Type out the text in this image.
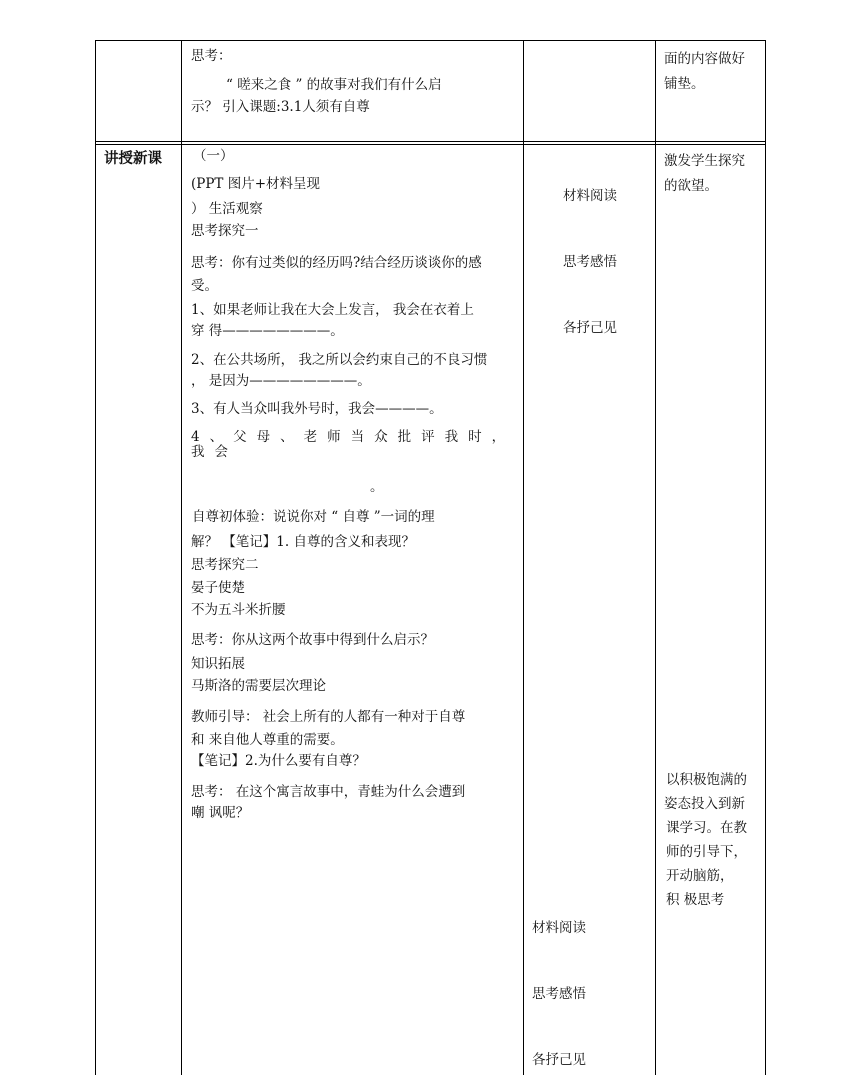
思考：
“ 嗟来之食 ” 的故事对我们有什么启
示？ 引入课题:3.1人须有自尊
面的内容做好
铺垫。
讲授新课 （一）
(PPT 图片+材料呈现
） 生活观察
思考探究一
思考：你有过类似的经历吗?结合经历谈谈你的感
受。
1、如果老师让我在大会上发言， 我会在衣着上
穿 得————————。
2、在公共场所， 我之所以会约束自己的不良习惯
， 是因为————————。
3、有人当众叫我外号时，我会————。
4、父母、老师当众批评我时，
我会
。
自尊初体验：说说你对 “ 自尊 ”一词的理
解？ 【笔记】1. 自尊的含义和表现？
思考探究二
晏子使楚
不为五斗米折腰
思考：你从这两个故事中得到什么启示？
知识拓展
马斯洛的需要层次理论
教师引导： 社会上所有的人都有一种对于自尊
和 来自他人尊重的需要。
【笔记】2.为什么要有自尊？
思考： 在这个寓言故事中，青蛙为什么会遭到
嘲 讽呢？
材料阅读
思考感悟
各抒己见
材料阅读
思考感悟
各抒己见
激发学生探究
的欲望。
以积极饱满的
姿态投入到新
课学习。在教
师的引导下，
开动脑筋，
积 极思考
